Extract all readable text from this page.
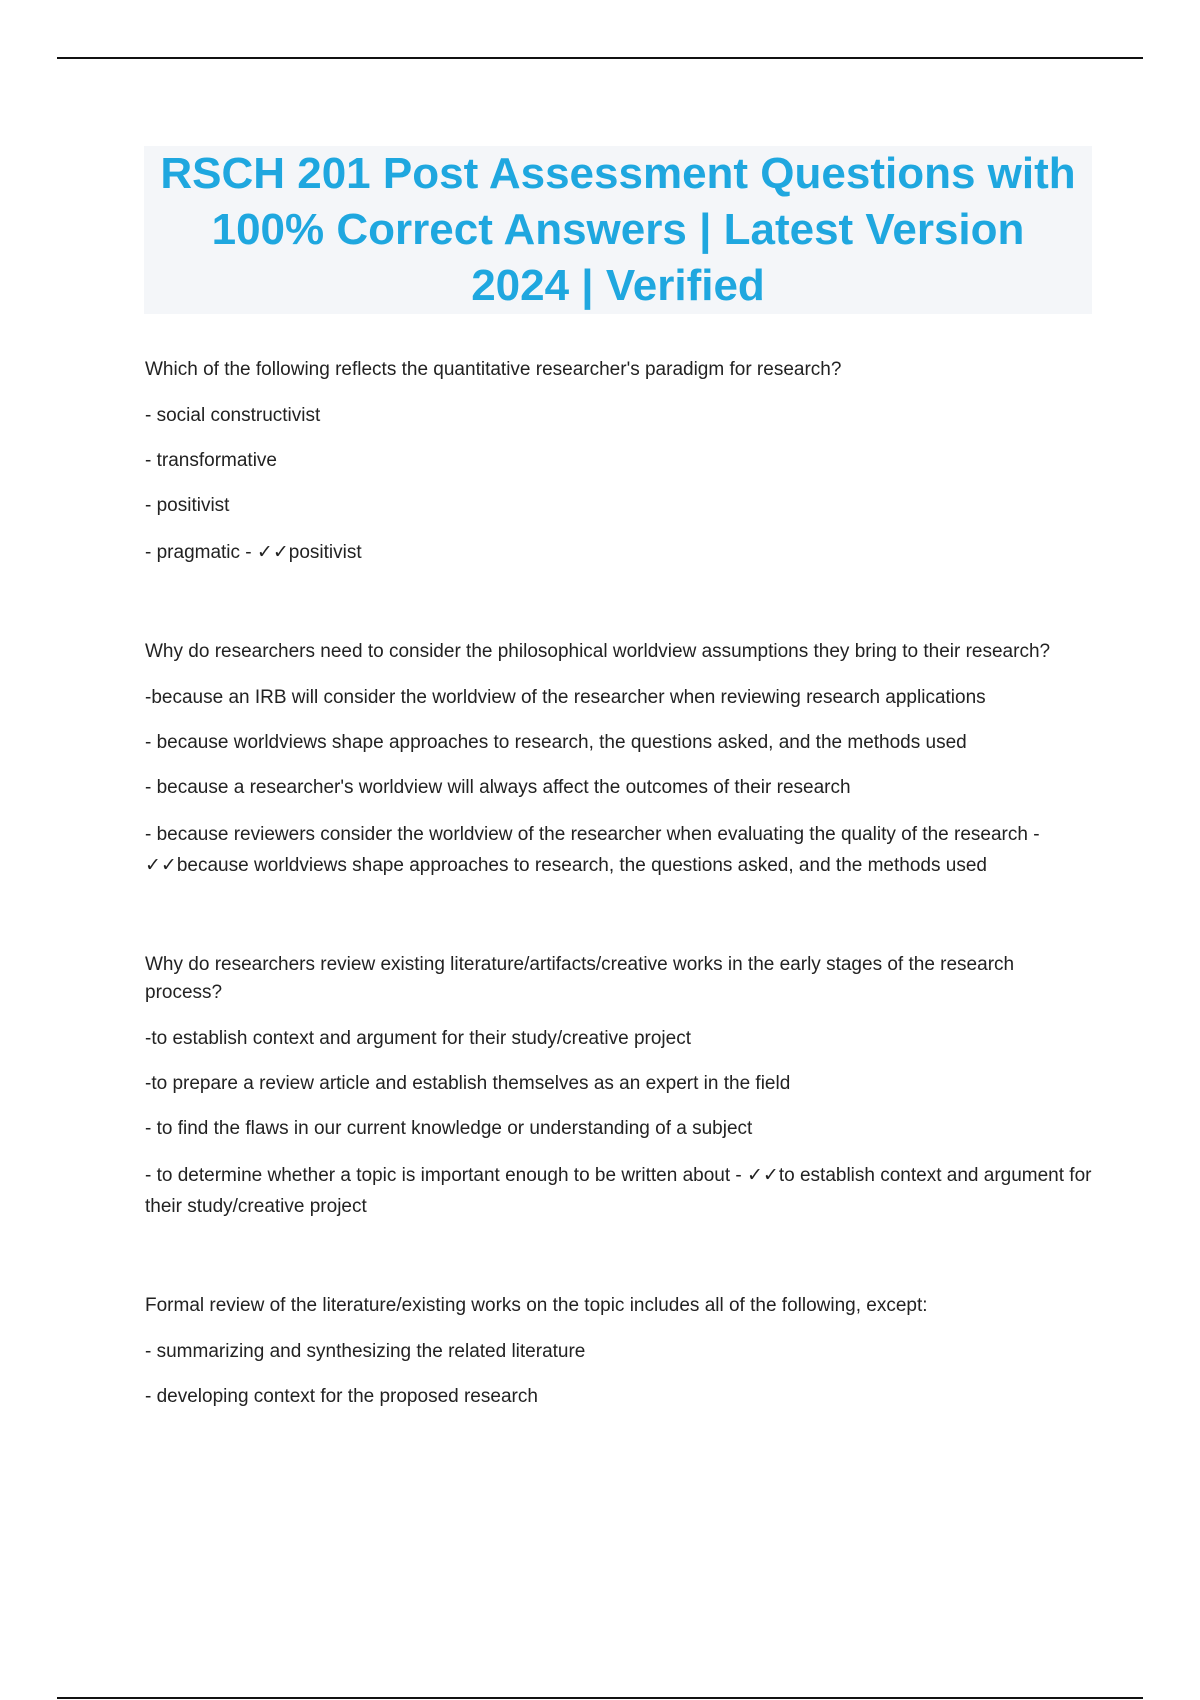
RSCH 201 Post Assessment Questions with 100% Correct Answers | Latest Version 2024 | Verified

Which of the following reflects the quantitative researcher's paradigm for research?

- social constructivist

- transformative

- positivist

- pragmatic - ✓✓positivist

Why do researchers need to consider the philosophical worldview assumptions they bring to their research?

-because an IRB will consider the worldview of the researcher when reviewing research applications

- because worldviews shape approaches to research, the questions asked, and the methods used

- because a researcher's worldview will always affect the outcomes of their research

- because reviewers consider the worldview of the researcher when evaluating the quality of the research - ✓✓because worldviews shape approaches to research, the questions asked, and the methods used

Why do researchers review existing literature/artifacts/creative works in the early stages of the research process?

-to establish context and argument for their study/creative project

-to prepare a review article and establish themselves as an expert in the field

- to find the flaws in our current knowledge or understanding of a subject

- to determine whether a topic is important enough to be written about - ✓✓to establish context and argument for their study/creative project

Formal review of the literature/existing works on the topic includes all of the following, except:

- summarizing and synthesizing the related literature

- developing context for the proposed research
